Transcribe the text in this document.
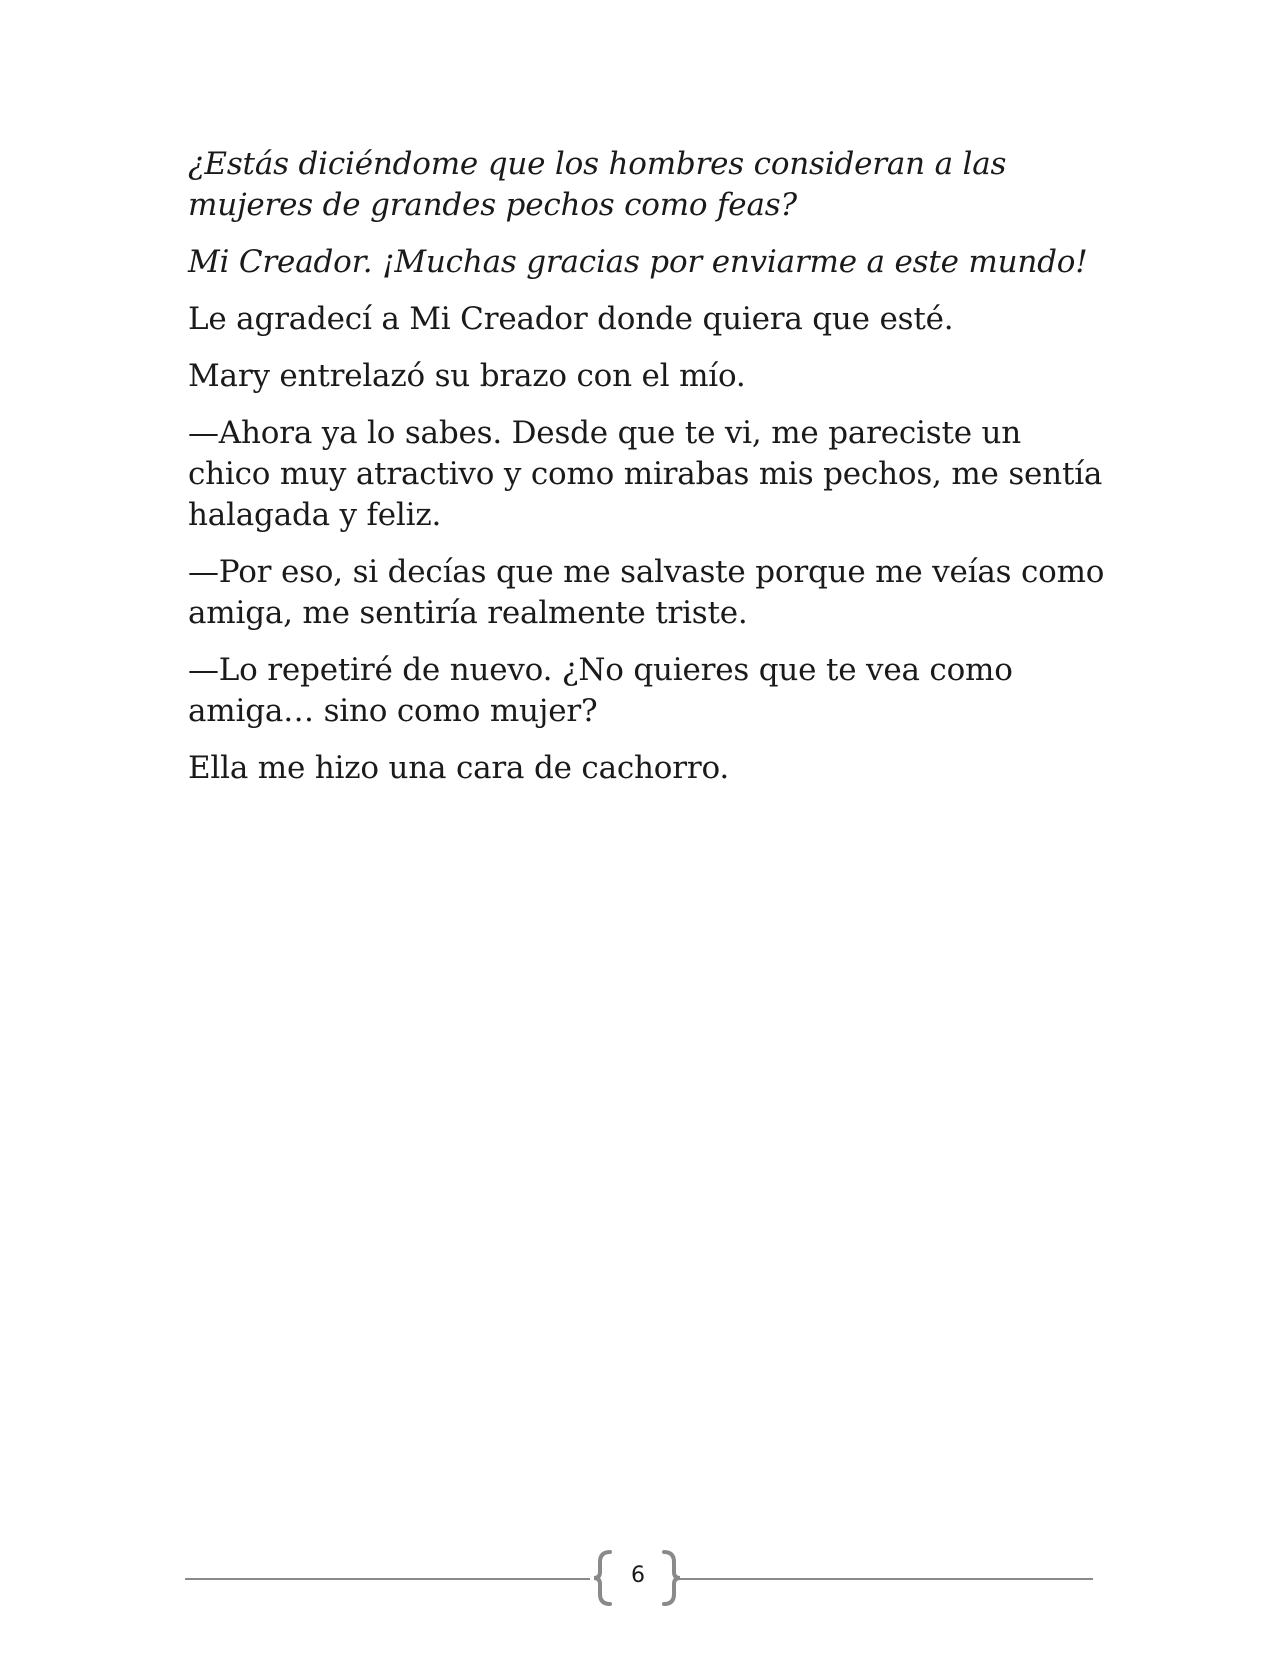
¿Estás diciéndome que los hombres consideran a las mujeres de grandes pechos como feas?

Mi Creador. ¡Muchas gracias por enviarme a este mundo!

Le agradecí a Mi Creador donde quiera que esté.

Mary entrelazó su brazo con el mío.

—Ahora ya lo sabes. Desde que te vi, me pareciste un chico muy atractivo y como mirabas mis pechos, me sentía halagada y feliz.

—Por eso, si decías que me salvaste porque me veías como amiga, me sentiría realmente triste.

—Lo repetiré de nuevo. ¿No quieres que te vea como amiga… sino como mujer?

Ella me hizo una cara de cachorro.

6
